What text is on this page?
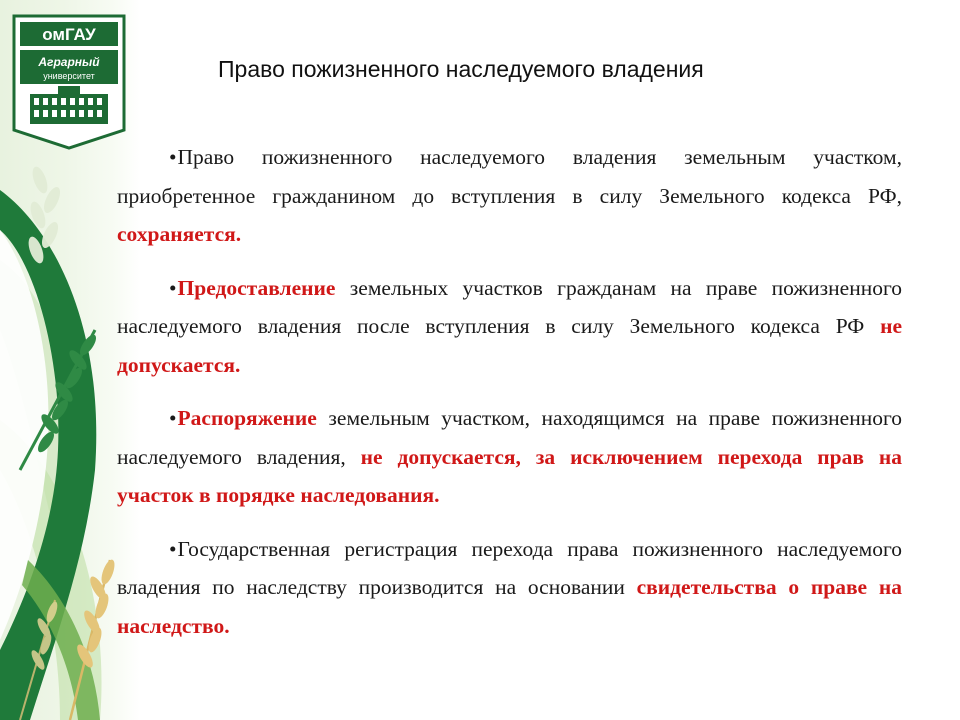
омГАУ
Аграрный
университет	Право пожизненного наследуемого владения

•Право пожизненного наследуемого владения земельным участком, приобретенное гражданином до вступления в силу Земельного кодекса РФ, сохраняется.

•Предоставление земельных участков гражданам на праве пожизненного наследуемого владения после вступления в силу Земельного кодекса РФ не допускается.

•Распоряжение земельным участком, находящимся на праве пожизненного наследуемого владения, не допускается, за исключением перехода прав на участок в порядке наследования.

•Государственная регистрация перехода права пожизненного наследуемого владения по наследству производится на основании свидетельства о праве на наследство.
